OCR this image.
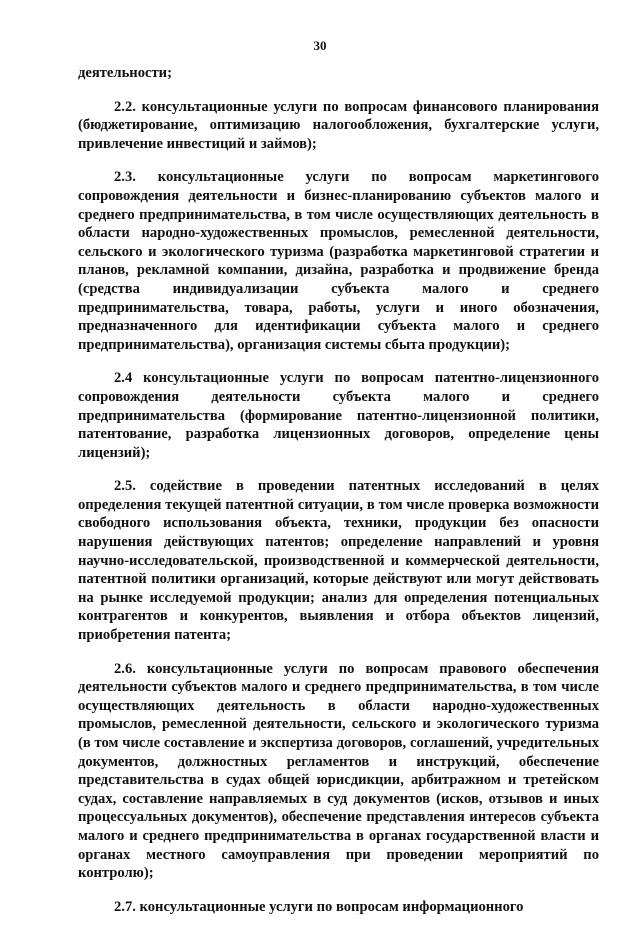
30

деятельности;

2.2. консультационные услуги по вопросам финансового планирования (бюджетирование, оптимизацию налогообложения, бухгалтерские услуги, привлечение инвестиций и займов);

2.3. консультационные услуги по вопросам маркетингового сопровождения деятельности и бизнес-планированию субъектов малого и среднего предпринимательства, в том числе осуществляющих деятельность в области народно-художественных промыслов, ремесленной деятельности, сельского и экологического туризма (разработка маркетинговой стратегии и планов, рекламной компании, дизайна, разработка и продвижение бренда (средства индивидуализации субъекта малого и среднего предпринимательства, товара, работы, услуги и иного обозначения, предназначенного для идентификации субъекта малого и среднего предпринимательства), организация системы сбыта продукции);

2.4 консультационные услуги по вопросам патентно-лицензионного сопровождения деятельности субъекта малого и среднего предпринимательства (формирование патентно-лицензионной политики, патентование, разработка лицензионных договоров, определение цены лицензий);

2.5. содействие в проведении патентных исследований в целях определения текущей патентной ситуации, в том числе проверка возможности свободного использования объекта, техники, продукции без опасности нарушения действующих патентов; определение направлений и уровня научно-исследовательской, производственной и коммерческой деятельности, патентной политики организаций, которые действуют или могут действовать на рынке исследуемой продукции; анализ для определения потенциальных контрагентов и конкурентов, выявления и отбора объектов лицензий, приобретения патента;

2.6. консультационные услуги по вопросам правового обеспечения деятельности субъектов малого и среднего предпринимательства, в том числе осуществляющих деятельность в области народно-художественных промыслов, ремесленной деятельности, сельского и экологического туризма (в том числе составление и экспертиза договоров, соглашений, учредительных документов, должностных регламентов и инструкций, обеспечение представительства в судах общей юрисдикции, арбитражном и третейском судах, составление направляемых в суд документов (исков, отзывов и иных процессуальных документов), обеспечение представления интересов субъекта малого и среднего предпринимательства в органах государственной власти и органах местного самоуправления при проведении мероприятий по контролю);

2.7. консультационные услуги по вопросам информационного
